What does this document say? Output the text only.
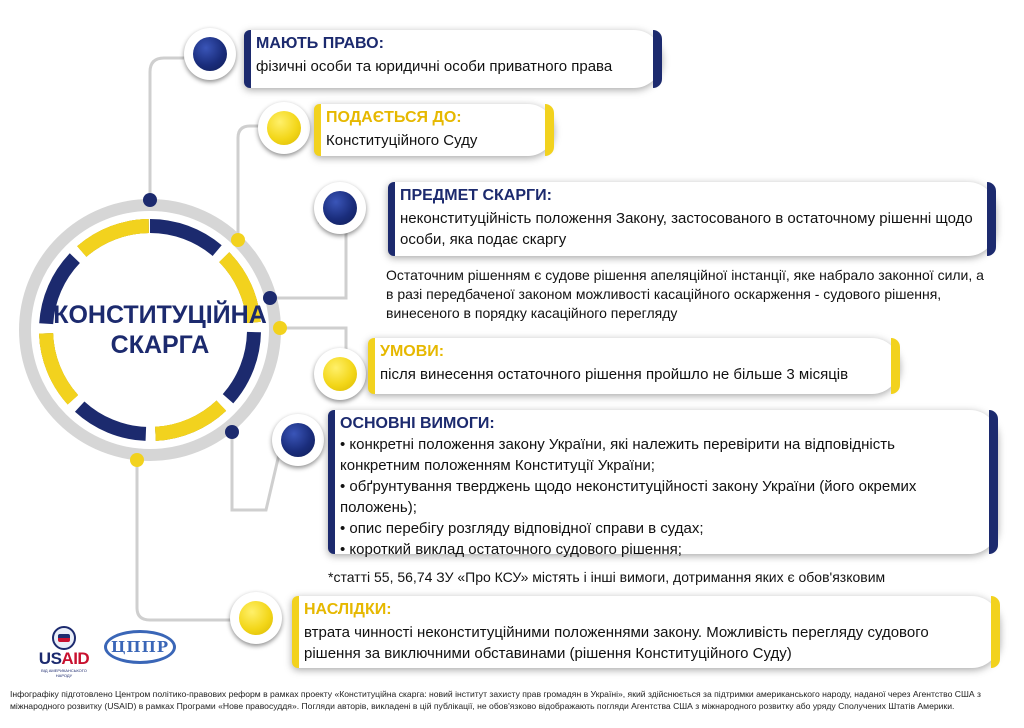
КОНСТИТУЦІЙНА СКАРГА
МАЮТЬ ПРАВО:
фізичні особи та юридичні особи приватного права
ПОДАЄТЬСЯ ДО:
Конституційного Суду
ПРЕДМЕТ СКАРГИ:
неконституційність положення Закону, застосованого в остаточному рішенні щодо особи, яка подає скаргу
Остаточним рішенням є судове рішення апеляційної інстанції, яке набрало законної сили, а в разі передбаченої законом можливості касаційного оскарження - судового рішення, винесеного в порядку касаційного перегляду
УМОВИ:
після винесення остаточного рішення пройшло не більше 3 місяців
ОСНОВНІ ВИМОГИ:
• конкретні положення закону України, які належить перевірити на відповідність конкретним положенням Конституції України;
• обґрунтування тверджень щодо неконституційності закону України (його окремих положень);
• опис перебігу розгляду відповідної справи в судах;
• короткий виклад остаточного судового рішення;
*статті 55, 56,74 ЗУ «Про КСУ» містять і інші вимоги, дотримання яких є обов'язковим
НАСЛІДКИ:
втрата чинності неконституційними положеннями закону. Можливість перегляду судового рішення за виключними обставинами (рішення Конституційного Суду)
USAID
ВІД АМЕРИКАНСЬКОГО НАРОДУ
ЦППР
Інфографіку підготовлено Центром політико-правових реформ в рамках проекту «Конституційна скарга: новий інститут захисту прав громадян в Україні», який здійснюється за підтримки американського народу, наданої через Агентство США з міжнародного розвитку (USAID) в рамках Програми «Нове правосуддя». Погляди авторів, викладені в цій публікації, не обов'язково відображають погляди Агентства США з міжнародного розвитку або уряду Сполучених Штатів Америки.
